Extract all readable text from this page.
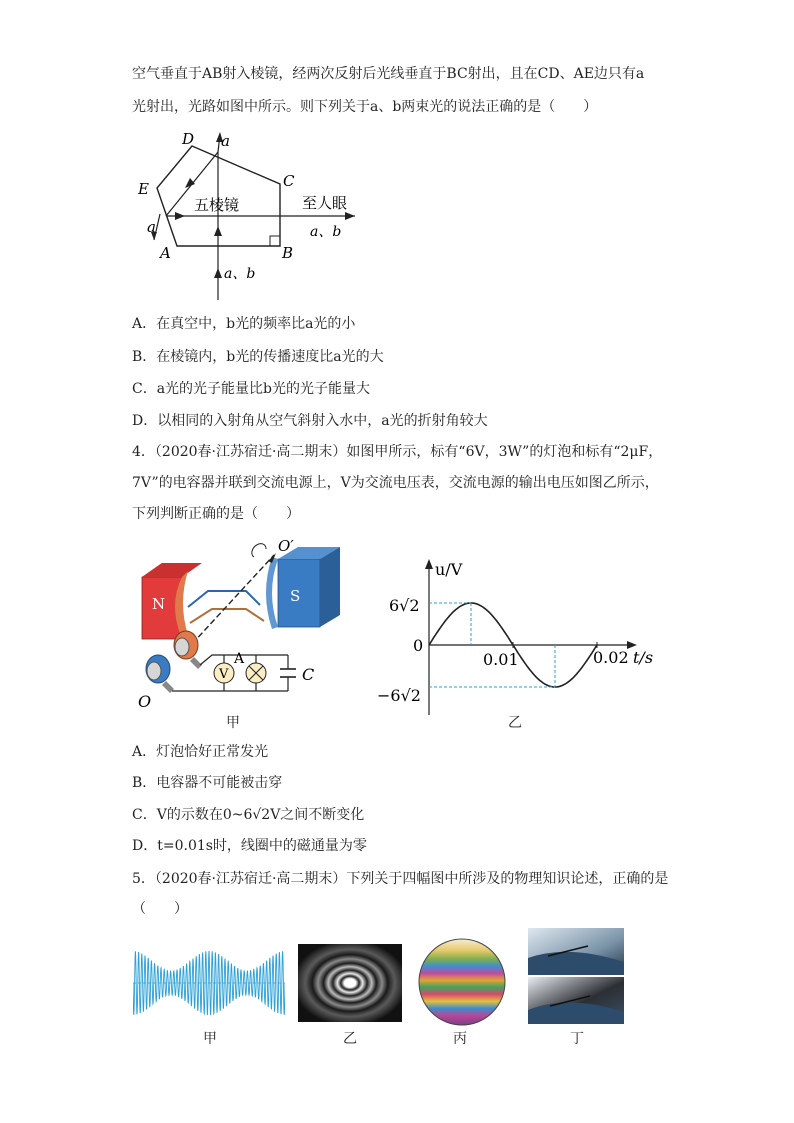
空气垂直于AB射入棱镜，经两次反射后光线垂直于BC射出，且在CD、AE边只有a
光射出，光路如图中所示。则下列关于a、b两束光的说法正确的是（　　）
D a
C
E
五棱镜	至人眼
a	a、b
A	B
a、b
A．在真空中，b光的频率比a光的小
B．在棱镜内，b光的传播速度比a光的大
C．a光的光子能量比b光的光子能量大
D．以相同的入射角从空气斜射入水中，a光的折射角较大
4．（2020春·江苏宿迁·高二期末）如图甲所示，标有“6V，3W”的灯泡和标有“2μF，
7V”的电容器并联到交流电源上，V为交流电压表，交流电源的输出电压如图乙所示，
下列判断正确的是（　　）
O′
N	S
O
V
A
C
甲
u/V
t/s
6√2
−6√2
0
0.01	0.02
乙
A．灯泡恰好正常发光
B．电容器不可能被击穿
C．V的示数在0~6√2V之间不断变化
D．t=0.01s时，线圈中的磁通量为零
5．（2020春·江苏宿迁·高二期末）下列关于四幅图中所涉及的物理知识论述，正确的是
（　　）
甲	乙	丙	丁
